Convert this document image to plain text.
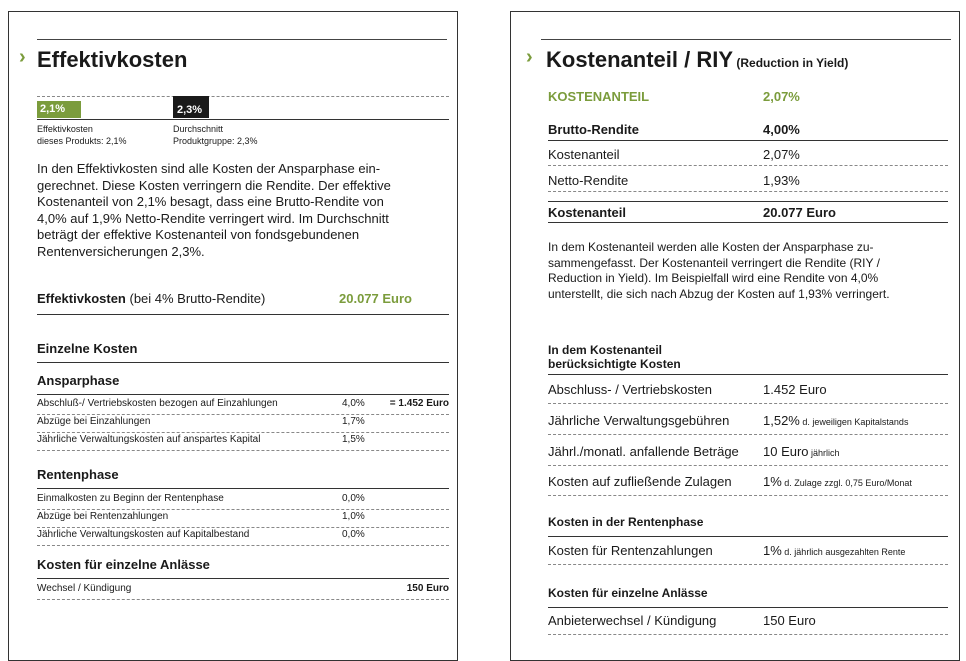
› Effektivkosten
2,1%	2,3%
Effektivkosten
dieses Produkts: 2,1%
Durchschnitt
Produktgruppe: 2,3%
In den Effektivkosten sind alle Kosten der Ansparphase ein-
gerechnet. Diese Kosten verringern die Rendite. Der effektive
Kostenanteil von 2,1% besagt, dass eine Brutto-Rendite von
4,0% auf 1,9% Netto-Rendite verringert wird. Im Durchschnitt
beträgt der effektive Kostenanteil von fondsgebundenen
Rentenversicherungen 2,3%.
Effektivkosten (bei 4% Brutto-Rendite)	20.077 Euro
Einzelne Kosten
Ansparphase
Abschluß-/ Vertriebskosten bezogen auf Einzahlungen	4,0%	= 1.452 Euro
Abzüge bei Einzahlungen	1,7%
Jährliche Verwaltungskosten auf anspartes Kapital	1,5%
Rentenphase
Einmalkosten zu Beginn der Rentenphase	0,0%
Abzüge bei Rentenzahlungen	1,0%
Jährliche Verwaltungskosten auf Kapitalbestand	0,0%
Kosten für einzelne Anlässe
Wechsel / Kündigung	150 Euro
› Kostenanteil / RIY (Reduction in Yield)
KOSTENANTEIL	2,07%
Brutto-Rendite	4,00%
Kostenanteil	2,07%
Netto-Rendite	1,93%
Kostenanteil	20.077 Euro
In dem Kostenanteil werden alle Kosten der Ansparphase zu-
sammengefasst. Der Kostenanteil verringert die Rendite (RIY /
Reduction in Yield). Im Beispielfall wird eine Rendite von 4,0%
unterstellt, die sich nach Abzug der Kosten auf 1,93% verringert.
In dem Kostenanteil
berücksichtigte Kosten
Abschluss- / Vertriebskosten	1.452 Euro
Jährliche Verwaltungsgebühren	1,52% d. jeweiligen Kapitalstands
Jährl./monatl. anfallende Beträge 10 Euro jährlich
Kosten auf zufließende Zulagen 1% d. Zulage zzgl. 0,75 Euro/Monat
Kosten in der Rentenphase
Kosten für Rentenzahlungen	1% d. jährlich ausgezahlten Rente
Kosten für einzelne Anlässe
Anbieterwechsel / Kündigung	150 Euro
